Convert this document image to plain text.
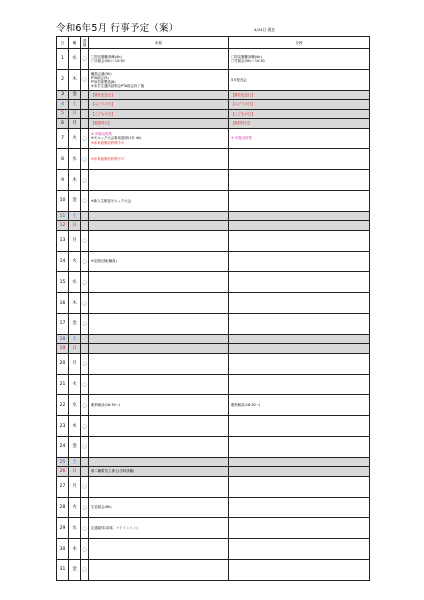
令和6年5月 行事予定（案）	4/24日 現在
日	曜	清掃	本校	分校
1	水	〇	〇防災避難訓練(4h)
〇学級会(5h)～15:30	〇防災避難訓練(4h)
〇学級会(5h)～15:30

2	木	〇	職員会議(3h)
PTA総会(5)
PTA学級懇談(6)
※未学生通所説明会PTA総会終了後	5月校長会

3	金		【憲法記念日】	【憲法記念日】

4	土		【みどりの日】	【みどりの日】

5	日		【こどもの日】	【こどもの日】

6	月		【振替休日】	【振替休日】

7	火	〇	※ 市場出校集
※モルック大会事前説明(1年 4h)
※体育館開放時間不可	※ 市場出校集

8	水	〇	※体育館開放時間不可	

9	木	〇		
10	金	〇	※新入生歓迎モルック大会	

11	土			
12	日			
13	月	〇		
14	火	〇	※定期点検(職員)	

15	水	〇		
16	木	〇		
17	金	〇		
18	土			
19	日			
20	月	〇		
21	火	〇		
22	水	〇	眼科検診(16:30～)	眼科検診(16:30～)

23	木	〇		
24	金	〇		
25	土			
26	日		第二種電気工事士(学科試験)	

27	月	〇		
28	火	〇	生徒総会(6h)	

29	水	〇	定通総体(卓球、バドミントン)	

30	木	〇		
31	金	〇		
